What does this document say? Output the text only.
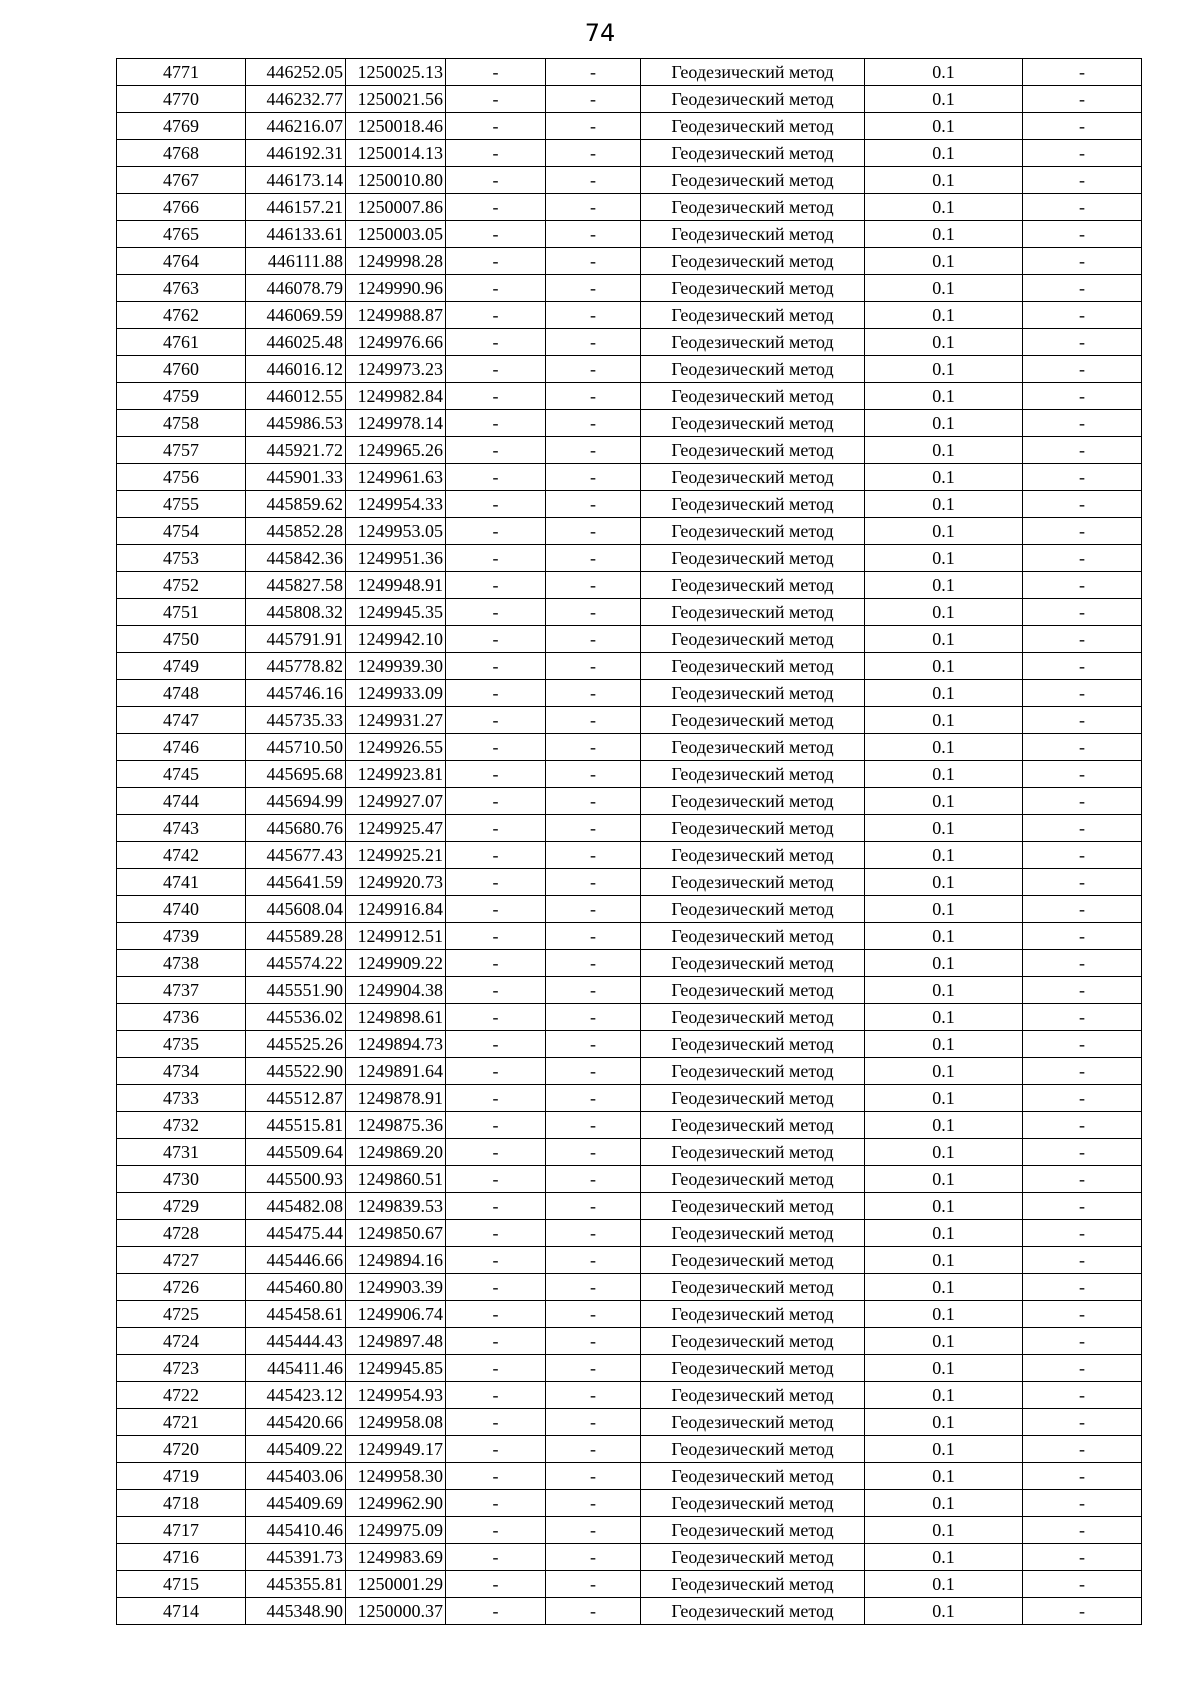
74
4771	446252.05	1250025.13	-	-	Геодезический метод	0.1	-
4770	446232.77	1250021.56	-	-	Геодезический метод	0.1	-
4769	446216.07	1250018.46	-	-	Геодезический метод	0.1	-
4768	446192.31	1250014.13	-	-	Геодезический метод	0.1	-
4767	446173.14	1250010.80	-	-	Геодезический метод	0.1	-
4766	446157.21	1250007.86	-	-	Геодезический метод	0.1	-
4765	446133.61	1250003.05	-	-	Геодезический метод	0.1	-
4764	446111.88	1249998.28	-	-	Геодезический метод	0.1	-
4763	446078.79	1249990.96	-	-	Геодезический метод	0.1	-
4762	446069.59	1249988.87	-	-	Геодезический метод	0.1	-
4761	446025.48	1249976.66	-	-	Геодезический метод	0.1	-
4760	446016.12	1249973.23	-	-	Геодезический метод	0.1	-
4759	446012.55	1249982.84	-	-	Геодезический метод	0.1	-
4758	445986.53	1249978.14	-	-	Геодезический метод	0.1	-
4757	445921.72	1249965.26	-	-	Геодезический метод	0.1	-
4756	445901.33	1249961.63	-	-	Геодезический метод	0.1	-
4755	445859.62	1249954.33	-	-	Геодезический метод	0.1	-
4754	445852.28	1249953.05	-	-	Геодезический метод	0.1	-
4753	445842.36	1249951.36	-	-	Геодезический метод	0.1	-
4752	445827.58	1249948.91	-	-	Геодезический метод	0.1	-
4751	445808.32	1249945.35	-	-	Геодезический метод	0.1	-
4750	445791.91	1249942.10	-	-	Геодезический метод	0.1	-
4749	445778.82	1249939.30	-	-	Геодезический метод	0.1	-
4748	445746.16	1249933.09	-	-	Геодезический метод	0.1	-
4747	445735.33	1249931.27	-	-	Геодезический метод	0.1	-
4746	445710.50	1249926.55	-	-	Геодезический метод	0.1	-
4745	445695.68	1249923.81	-	-	Геодезический метод	0.1	-
4744	445694.99	1249927.07	-	-	Геодезический метод	0.1	-
4743	445680.76	1249925.47	-	-	Геодезический метод	0.1	-
4742	445677.43	1249925.21	-	-	Геодезический метод	0.1	-
4741	445641.59	1249920.73	-	-	Геодезический метод	0.1	-
4740	445608.04	1249916.84	-	-	Геодезический метод	0.1	-
4739	445589.28	1249912.51	-	-	Геодезический метод	0.1	-
4738	445574.22	1249909.22	-	-	Геодезический метод	0.1	-
4737	445551.90	1249904.38	-	-	Геодезический метод	0.1	-
4736	445536.02	1249898.61	-	-	Геодезический метод	0.1	-
4735	445525.26	1249894.73	-	-	Геодезический метод	0.1	-
4734	445522.90	1249891.64	-	-	Геодезический метод	0.1	-
4733	445512.87	1249878.91	-	-	Геодезический метод	0.1	-
4732	445515.81	1249875.36	-	-	Геодезический метод	0.1	-
4731	445509.64	1249869.20	-	-	Геодезический метод	0.1	-
4730	445500.93	1249860.51	-	-	Геодезический метод	0.1	-
4729	445482.08	1249839.53	-	-	Геодезический метод	0.1	-
4728	445475.44	1249850.67	-	-	Геодезический метод	0.1	-
4727	445446.66	1249894.16	-	-	Геодезический метод	0.1	-
4726	445460.80	1249903.39	-	-	Геодезический метод	0.1	-
4725	445458.61	1249906.74	-	-	Геодезический метод	0.1	-
4724	445444.43	1249897.48	-	-	Геодезический метод	0.1	-
4723	445411.46	1249945.85	-	-	Геодезический метод	0.1	-
4722	445423.12	1249954.93	-	-	Геодезический метод	0.1	-
4721	445420.66	1249958.08	-	-	Геодезический метод	0.1	-
4720	445409.22	1249949.17	-	-	Геодезический метод	0.1	-
4719	445403.06	1249958.30	-	-	Геодезический метод	0.1	-
4718	445409.69	1249962.90	-	-	Геодезический метод	0.1	-
4717	445410.46	1249975.09	-	-	Геодезический метод	0.1	-
4716	445391.73	1249983.69	-	-	Геодезический метод	0.1	-
4715	445355.81	1250001.29	-	-	Геодезический метод	0.1	-
4714	445348.90	1250000.37	-	-	Геодезический метод	0.1	-
